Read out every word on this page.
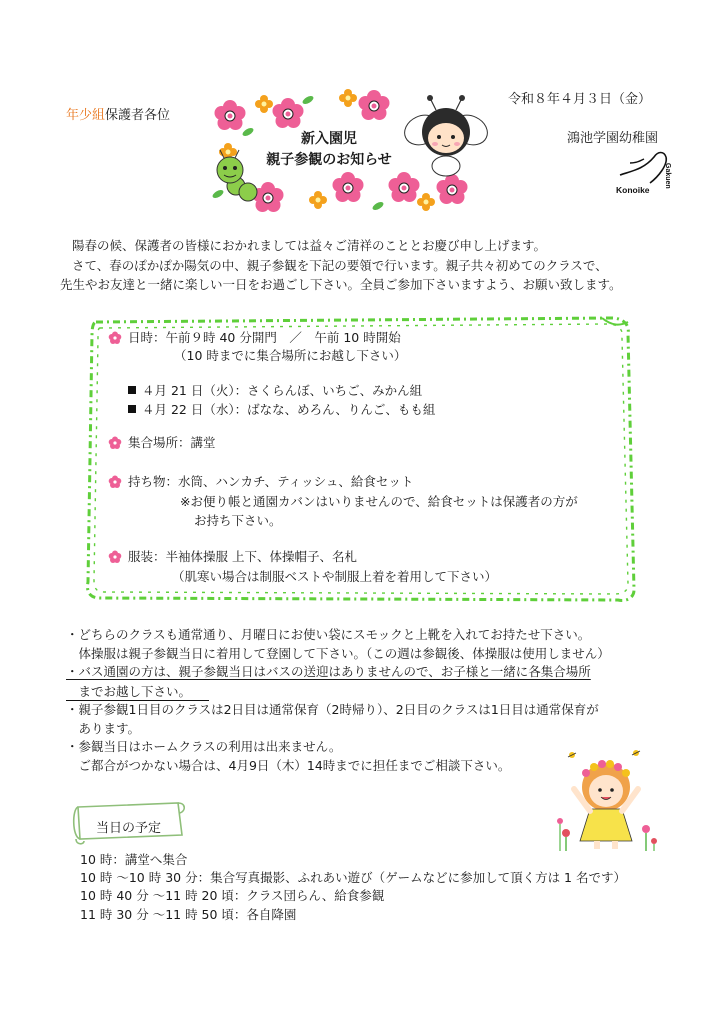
年少組保護者各位
令和８年４月３日（金）
鴻池学園幼稚園
Konoike
Gakuen
新入園児
親子参観のお知らせ
陽春の候、保護者の皆様におかれましては益々ご清祥のこととお慶び申し上げます。
さて、春のぽかぽか陽気の中、親子参観を下記の要領で行います。親子共々初めてのクラスで、
先生やお友達と一緒に楽しい一日をお過ごし下さい。全員ご参加下さいますよう、お願い致します。
日時：午前９時 40 分開門　／　午前 10 時開始
（10 時までに集合場所にお越し下さい）
４月 21 日（火）：さくらんぼ、いちご、みかん組
４月 22 日（水）：ばなな、めろん、りんご、もも組
集合場所：講堂
持ち物：水筒、ハンカチ、ティッシュ、給食セット
※お便り帳と通園カバンはいりませんので、給食セットは保護者の方が
お持ち下さい。
服装：半袖体操服 上下、体操帽子、名札
（肌寒い場合は制服ベストや制服上着を着用して下さい）
・どちらのクラスも通常通り、月曜日にお使い袋にスモックと上靴を入れてお持たせ下さい。
　体操服は親子参観当日に着用して登園して下さい。（この週は参観後、体操服は使用しません）
・バス通園の方は、親子参観当日はバスの送迎はありませんので、お子様と一緒に各集合場所
　までお越し下さい。
・親子参観1日目のクラスは2日目は通常保育（2時帰り）、2日目のクラスは1日目は通常保育が
　あります。
・参観当日はホームクラスの利用は出来ません。
　ご都合がつかない場合は、4月9日（木）14時までに担任までご相談下さい。
当日の予定
10 時：講堂へ集合
10 時 ～10 時 30 分：集合写真撮影、ふれあい遊び（ゲームなどに参加して頂く方は 1 名です）
10 時 40 分 ～11 時 20 頃：クラス団らん、給食参観
11 時 30 分 ～11 時 50 頃：各自降園
